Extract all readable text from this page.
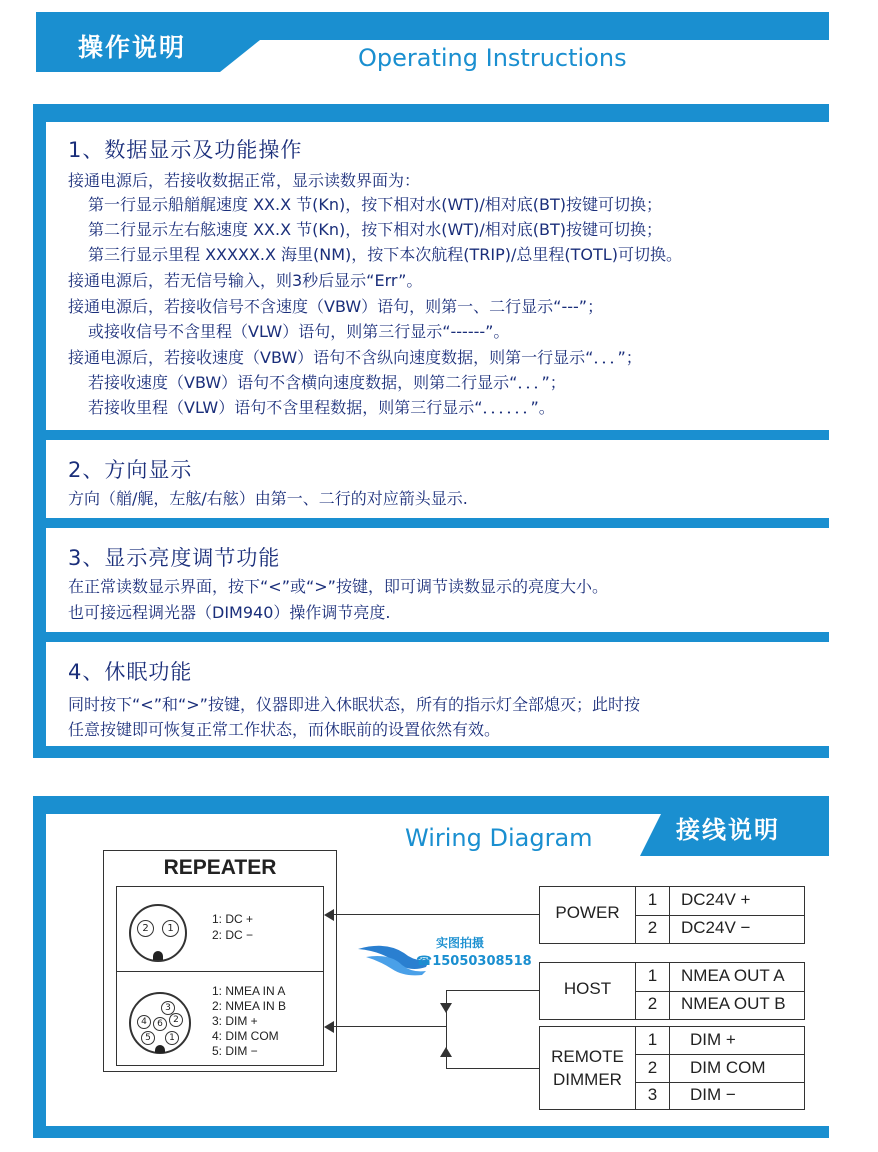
操作说明	Operating Instructions
1、数据显示及功能操作
接通电源后，若接收数据正常，显示读数界面为：
第一行显示船艏艉速度 XX.X 节(Kn)，按下相对水(WT)/相对底(BT)按键可切换；
第二行显示左右舷速度 XX.X 节(Kn)，按下相对水(WT)/相对底(BT)按键可切换；
第三行显示里程 XXXXX.X 海里(NM)，按下本次航程(TRIP)/总里程(TOTL)可切换。
接通电源后，若无信号输入，则3秒后显示“Err”。
接通电源后，若接收信号不含速度（VBW）语句，则第一、二行显示“---”；
或接收信号不含里程（VLW）语句，则第三行显示“------”。
接通电源后，若接收速度（VBW）语句不含纵向速度数据，则第一行显示“．．．”；
若接收速度（VBW）语句不含横向速度数据，则第二行显示“．．．”；
若接收里程（VLW）语句不含里程数据，则第三行显示“．．．．．．”。
2、方向显示
方向（艏/艉，左舷/右舷）由第一、二行的对应箭头显示.
3、显示亮度调节功能
在正常读数显示界面，按下“<”或“>”按键，即可调节读数显示的亮度大小。
也可接远程调光器（DIM940）操作调节亮度.
4、休眠功能
同时按下“<”和“>”按键，仪器即进入休眠状态，所有的指示灯全部熄灭；此时按
任意按键即可恢复正常工作状态，而休眠前的设置依然有效。
接线说明
Wiring Diagram
REPEATER
2	1
1: DC +
2: DC −
4	6	2
3
5	1
1: NMEA IN A
2: NMEA IN B
3: DIM +
4: DIM COM
5: DIM −
POWER
1	DC24V +
2	DC24V −
HOST
1	NMEA OUT A
2	NMEA OUT B
REMOTE
DIMMER
1	DIM +
2	DIM COM
3	DIM −
实图拍摄
☎15050308518
